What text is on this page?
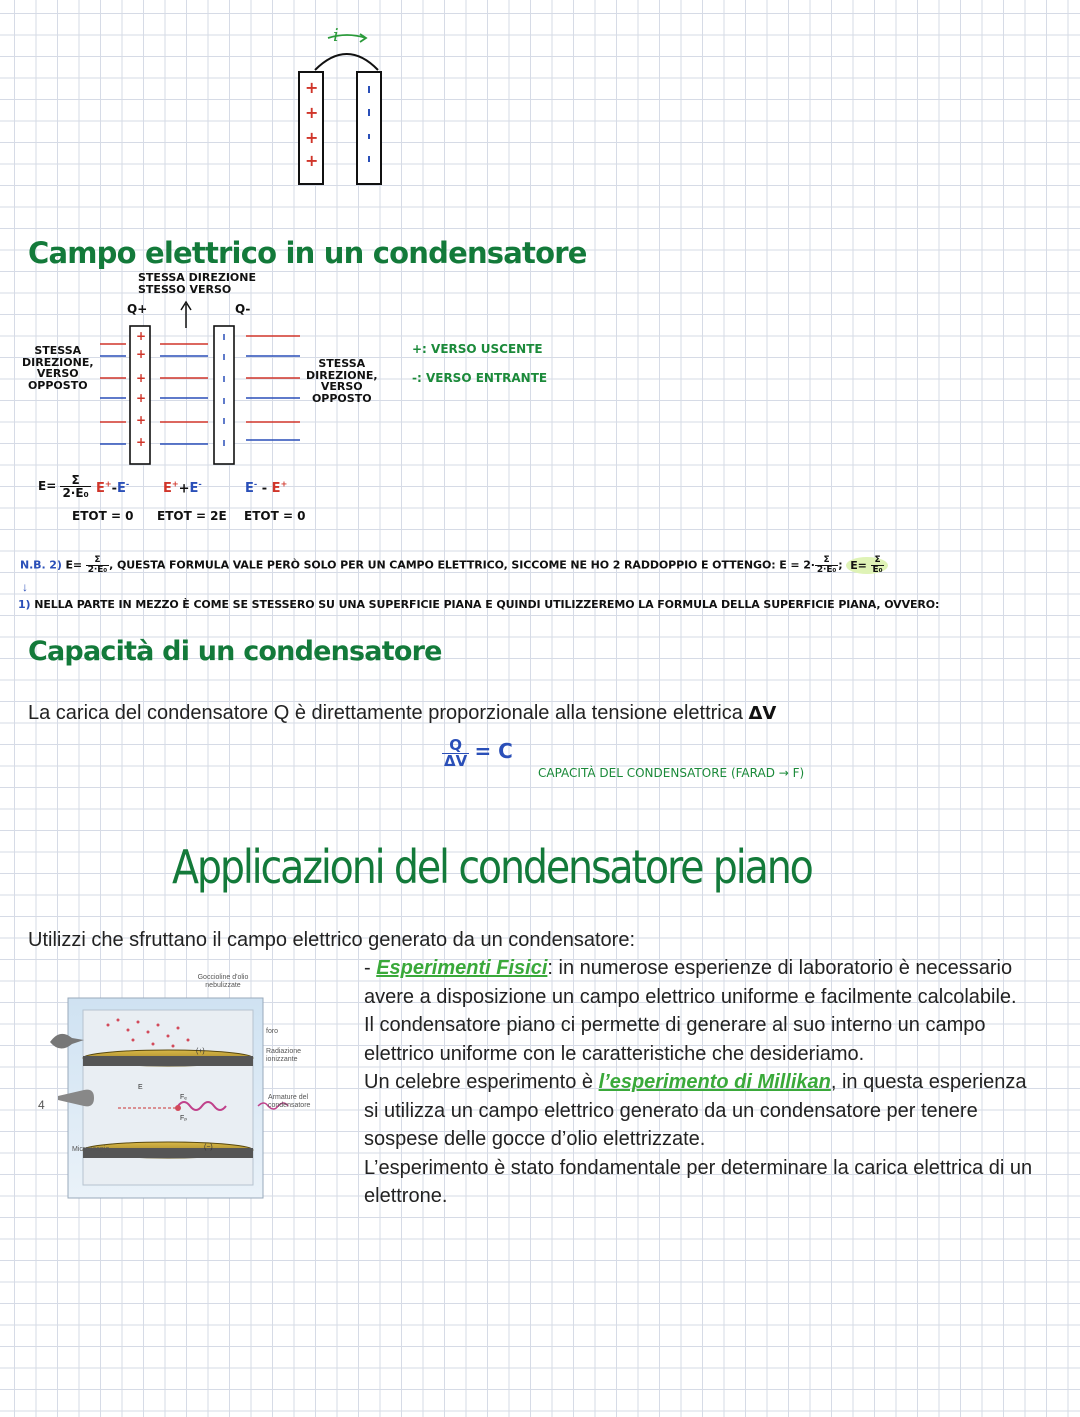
+
+
+
+
i
Campo elettrico in un condensatore
STESSA DIREZIONE
STESSO VERSO
Q+	Q-
+
+
+
+
+
+
STESSA
DIREZIONE,
VERSO
OPPOSTO
STESSA
DIREZIONE,
VERSO
OPPOSTO
+: VERSO USCENTE
-: VERSO ENTRANTE
$E= \frac{\Sigma}{\text{2·Ε₀}} E^+-E^-$	E++E-	E- - E+
EТОТ = 0 EТОТ = 2E EТОТ = 0
N.B. 2) $E= \frac{\Sigma}{\text{2·Ε₀}}$ , QUESTA FORMULA VALE PERÒ SOLO PER UN CAMPO ELETTRICO, SICCOME NE HO 2 RADDOPPIO E OTTENGO: $E = 2\cdot \frac{\Sigma}{\text{2·Ε₀}}$ ; $E= \frac{\Sigma}{\text{Ε₀}}$
↓
1) NELLA PARTE IN MEZZO È COME SE STESSERO SU UNA SUPERFICIE PIANA E QUINDI UTILIZZEREMO LA FORMULA DELLA SUPERFICIE PIANA, OVVERO:
Capacità di un condensatore
La carica del condensatore Q è direttamente proporzionale alla tensione elettrica ΔV
$\frac{Q}{\Delta V} = C$
CAPACITÀ DEL CONDENSATORE (FARAD → F)
Applicazioni del condensatore piano
Utilizzi che sfruttano il campo elettrico generato da un condensatore:
- Esperimenti Fisici: in numerose esperienze di laboratorio è necessario avere a disposizione un campo elettrico uniforme e facilmente calcolabile.
Il condensatore piano ci permette di generare al suo interno un campo elettrico uniforme con le caratteristiche che desideriamo.
Un celebre esperimento è l’esperimento di Millikan, in questa esperienza si utilizza un campo elettrico generato da un condensatore per tenere sospese delle gocce d’olio elettrizzate.
L’esperimento è stato fondamentale per determinare la carica elettrica di un elettrone.
Goccioline d'olio nebulizzate
foro
Radiazione ionizzante
Armature del condensatore
Microscopio
E
Fₑ
Fₚ
(+)
(−)
4
